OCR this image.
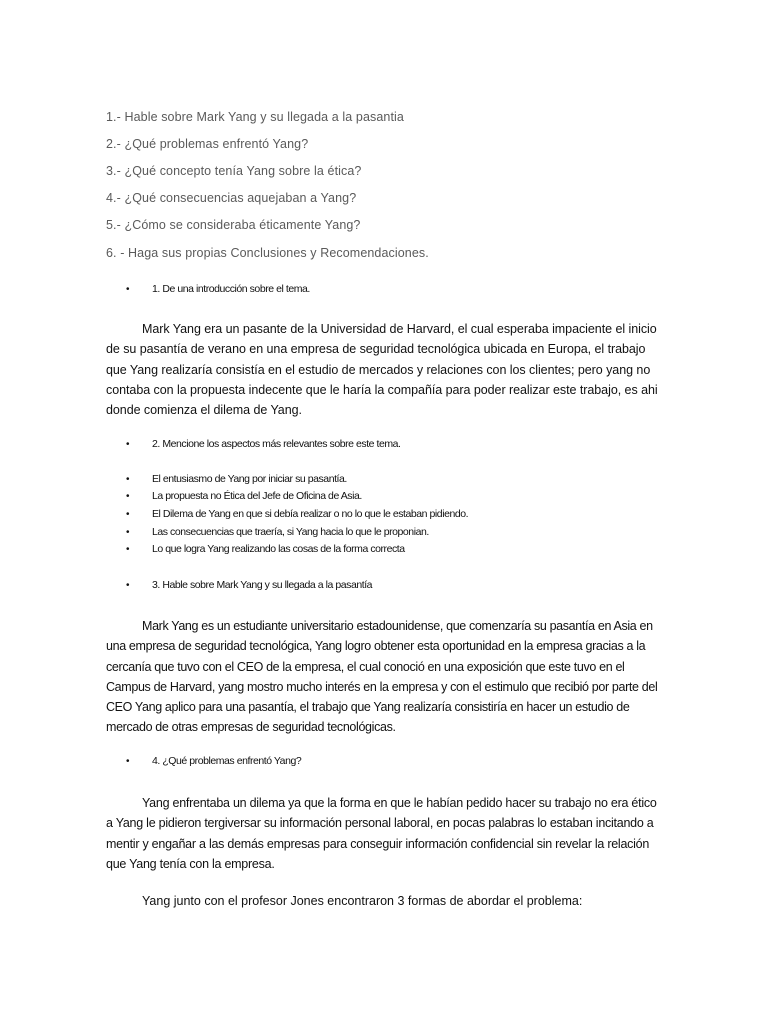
1.- Hable sobre Mark Yang y su llegada a la pasantia
2.- ¿Qué problemas enfrentó Yang?
3.- ¿Qué concepto tenía Yang sobre la ética?
4.- ¿Qué consecuencias aquejaban a Yang?
5.- ¿Cómo se consideraba éticamente Yang?
6. - Haga sus propias Conclusiones y Recomendaciones.
• 1. De una introducción sobre el tema.

Mark Yang era un pasante de la Universidad de Harvard, el cual esperaba impaciente el inicio de su pasantía de verano en una empresa de seguridad tecnológica ubicada en Europa, el trabajo que Yang realizaría consistía en el estudio de mercados y relaciones con los clientes; pero yang no contaba con la propuesta indecente que le haría la compañía para poder realizar este trabajo, es ahi donde comienza el dilema de Yang.

• 2. Mencione los aspectos más relevantes sobre este tema.
• El entusiasmo de Yang por iniciar su pasantía.
• La propuesta no Ética del Jefe de Oficina de Asia.
• El Dilema de Yang en que si debía realizar o no lo que le estaban pidiendo.
• Las consecuencias que traería, si Yang hacia lo que le proponian.
• Lo que logra Yang realizando las cosas de la forma correcta
• 3. Hable sobre Mark Yang y su llegada a la pasantía

Mark Yang es un estudiante universitario estadounidense, que comenzaría su pasantía en Asia en una empresa de seguridad tecnológica, Yang logro obtener esta oportunidad en la empresa gracias a la cercanía que tuvo con el CEO de la empresa, el cual conoció en una exposición que este tuvo en el Campus de Harvard, yang mostro mucho interés en la empresa y con el estimulo que recibió por parte del CEO Yang aplico para una pasantía, el trabajo que Yang realizaría consistiría en hacer un estudio de mercado de otras empresas de seguridad tecnológicas.

• 4. ¿Qué problemas enfrentó Yang?

Yang enfrentaba un dilema ya que la forma en que le habían pedido hacer su trabajo no era ético a Yang le pidieron tergiversar su información personal laboral, en pocas palabras lo estaban incitando a mentir y engañar a las demás empresas para conseguir información confidencial sin revelar la relación que Yang tenía con la empresa.

Yang junto con el profesor Jones encontraron 3 formas de abordar el problema:
